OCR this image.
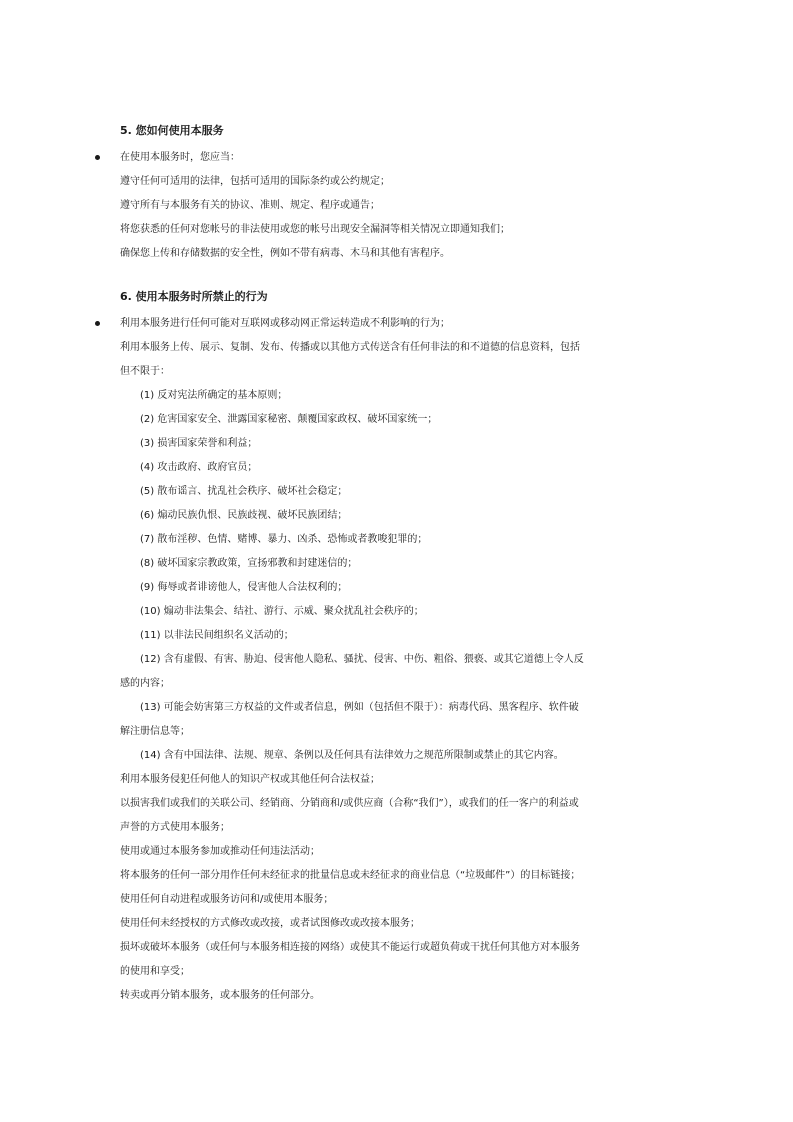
5. 您如何使用本服务
在使用本服务时，您应当：
遵守任何可适用的法律，包括可适用的国际条约或公约规定；
遵守所有与本服务有关的协议、准则、规定、程序或通告；
将您获悉的任何对您帐号的非法使用或您的帐号出现安全漏洞等相关情况立即通知我们；
确保您上传和存储数据的安全性，例如不带有病毒、木马和其他有害程序。
6. 使用本服务时所禁止的行为
利用本服务进行任何可能对互联网或移动网正常运转造成不利影响的行为；
利用本服务上传、展示、复制、发布、传播或以其他方式传送含有任何非法的和不道德的信息资料，包括
但不限于：
(1) 反对宪法所确定的基本原则；
(2) 危害国家安全、泄露国家秘密、颠覆国家政权、破坏国家统一；
(3) 损害国家荣誉和利益；
(4) 攻击政府、政府官员；
(5) 散布谣言、扰乱社会秩序、破坏社会稳定；
(6) 煽动民族仇恨、民族歧视、破坏民族团结；
(7) 散布淫秽、色情、赌博、暴力、凶杀、恐怖或者教唆犯罪的；
(8) 破坏国家宗教政策，宣扬邪教和封建迷信的；
(9) 侮辱或者诽谤他人，侵害他人合法权利的；
(10) 煽动非法集会、结社、游行、示威、聚众扰乱社会秩序的；
(11) 以非法民间组织名义活动的；
(12) 含有虚假、有害、胁迫、侵害他人隐私、骚扰、侵害、中伤、粗俗、猥亵、或其它道德上令人反
感的内容；
(13) 可能会妨害第三方权益的文件或者信息，例如（包括但不限于）：病毒代码、黑客程序、软件破
解注册信息等；
(14) 含有中国法律、法规、规章、条例以及任何具有法律效力之规范所限制或禁止的其它内容。
利用本服务侵犯任何他人的知识产权或其他任何合法权益；
以损害我们或我们的关联公司、经销商、分销商和/或供应商（合称“我们”），或我们的任一客户的利益或
声誉的方式使用本服务；
使用或通过本服务参加或推动任何违法活动；
将本服务的任何一部分用作任何未经征求的批量信息或未经征求的商业信息（“垃圾邮件”）的目标链接；
使用任何自动进程或服务访问和/或使用本服务；
使用任何未经授权的方式修改或改接，或者试图修改或改接本服务；
损坏或破坏本服务（或任何与本服务相连接的网络）或使其不能运行或超负荷或干扰任何其他方对本服务
的使用和享受；
转卖或再分销本服务，或本服务的任何部分。
